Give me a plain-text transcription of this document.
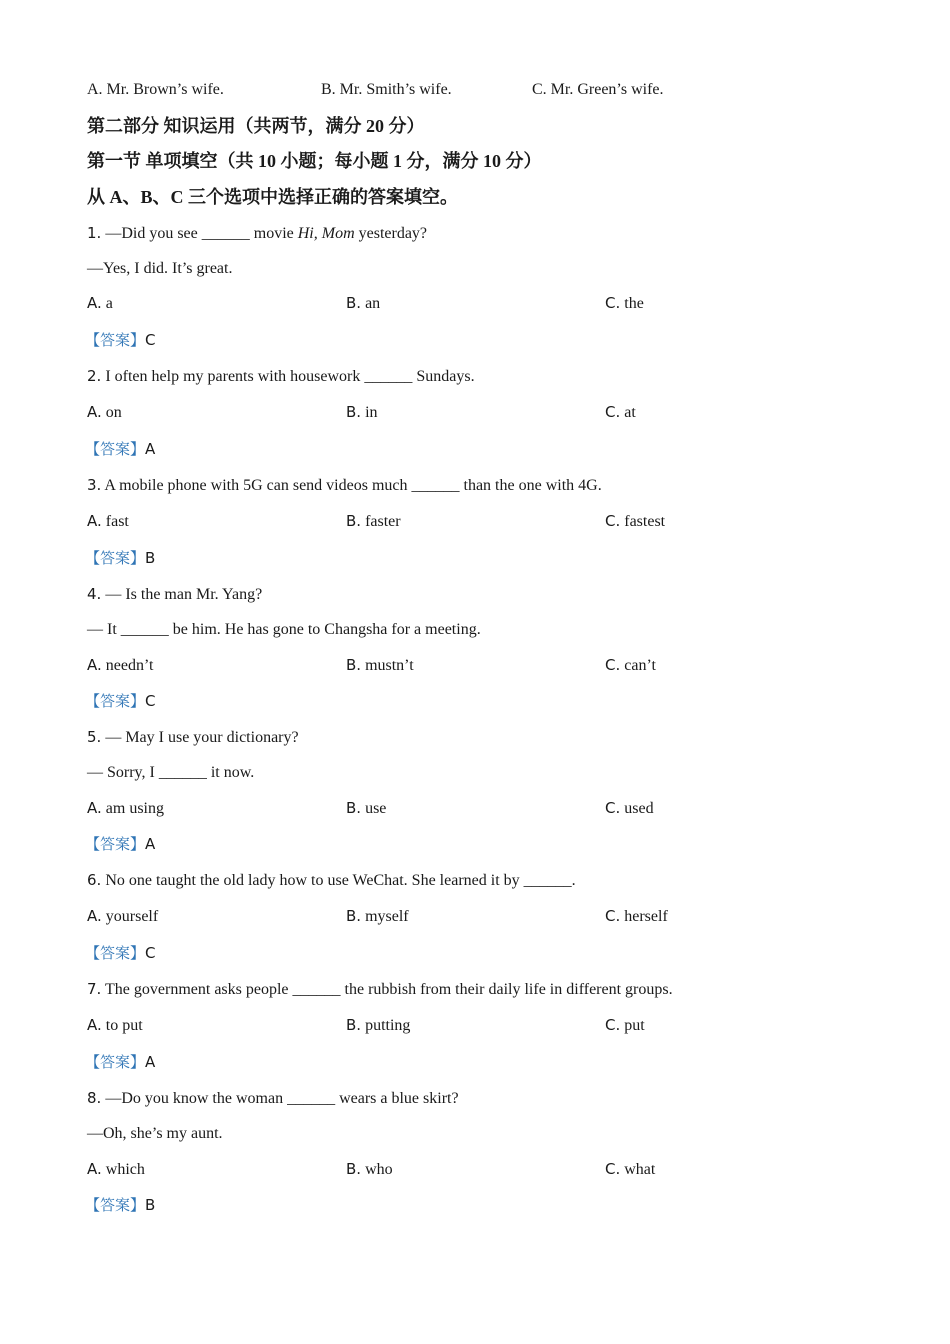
A. Mr. Brown’s wife.	B. Mr. Smith’s wife.	C. Mr. Green’s wife.
第二部分 知识运用（共两节，满分 20 分）
第一节 单项填空（共 10 小题；每小题 1 分，满分 10 分）
从 A、B、C 三个选项中选择正确的答案填空。
1. —Did you see ______ movie Hi, Mom yesterday?
—Yes, I did. It’s great.
A. a	B. an	C. the
【答案】C
2. I often help my parents with housework ______ Sundays.
A. on	B. in	C. at
【答案】A
3. A mobile phone with 5G can send videos much ______ than the one with 4G.
A. fast	B. faster	C. fastest
【答案】B
4. — Is the man Mr. Yang?
— It ______ be him. He has gone to Changsha for a meeting.
A. needn’t	B. mustn’t	C. can’t
【答案】C
5. — May I use your dictionary?
— Sorry, I ______ it now.
A. am using	B. use	C. used
【答案】A
6. No one taught the old lady how to use WeChat. She learned it by ______.
A. yourself	B. myself	C. herself
【答案】C
7. The government asks people ______ the rubbish from their daily life in different groups.
A. to put	B. putting	C. put
【答案】A
8. —Do you know the woman ______ wears a blue skirt?
—Oh, she’s my aunt.
A. which	B. who	C. what
【答案】B
